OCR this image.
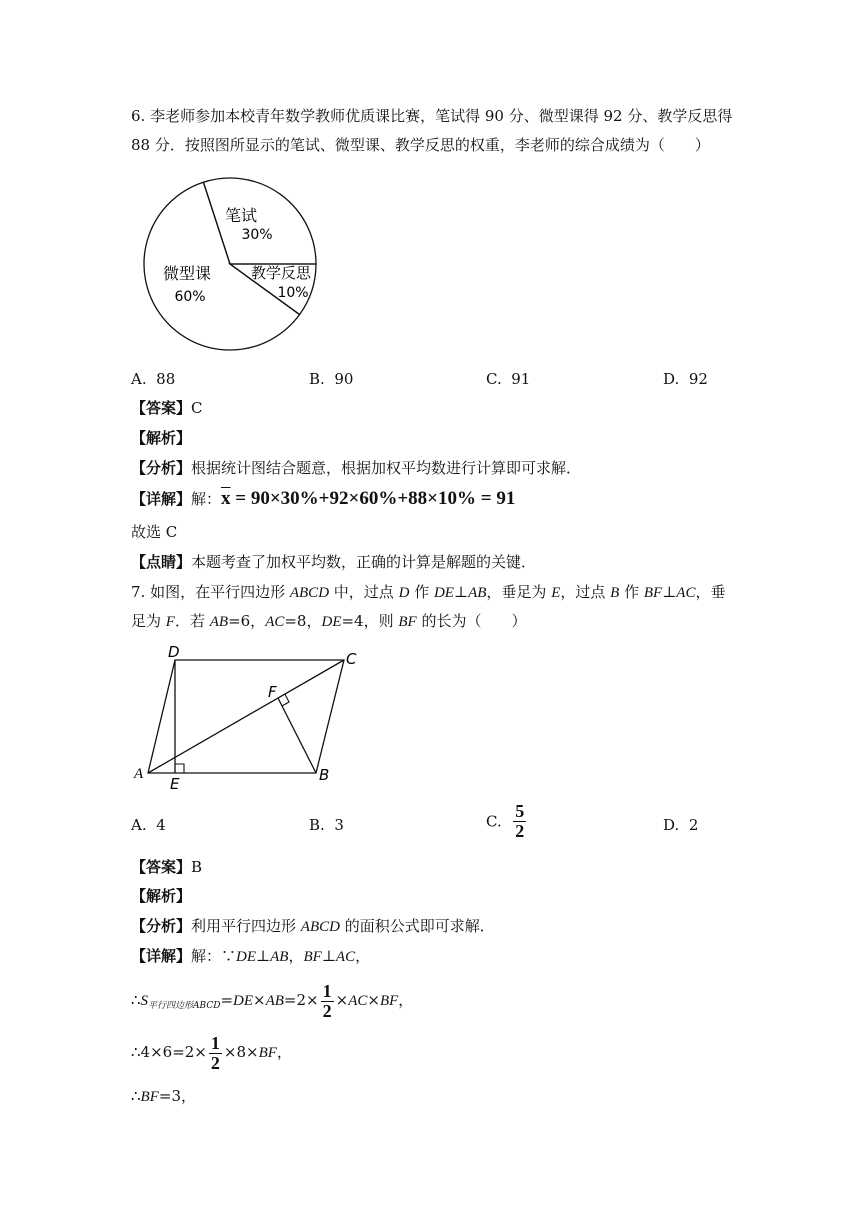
6. 李老师参加本校青年数学教师优质课比赛，笔试得 90 分、微型课得 92 分、教学反思得
88 分．按照图所显示的笔试、微型课、教学反思的权重，李老师的综合成绩为（　　）
笔试
30%
教学反思
10%
微型课
60%
A. 88	B. 90	C. 91	D. 92
【答案】C
【解析】
【分析】根据统计图结合题意，根据加权平均数进行计算即可求解．
【详解】解：$\overline{x} = 90\times 30\%+92\times 60\%+88\times 10\% = 91$
故选 C
【点睛】本题考查了加权平均数，正确的计算是解题的关键．
7. 如图，在平行四边形 ABCD 中，过点 D 作 DE⊥AB，垂足为 E，过点 B 作 BF⊥AC，垂
足为 F．若 AB=6，AC=8，DE=4，则 BF 的长为（　　）
A	B
C
D
E
F
A. 4	B. 3	C. $\frac{5}{2}$	D. 2
【答案】B
【解析】
【分析】利用平行四边形 ABCD 的面积公式即可求解．
【详解】解：∵DE⊥AB，BF⊥AC，
$\therefore S_{平行四边形ABCD}=DE\times AB=2\times \frac{1}{2} \times AC\times BF$，
∴4×6=2× $\frac{1}{2} \times 8\times BF$，
∴BF=3，
